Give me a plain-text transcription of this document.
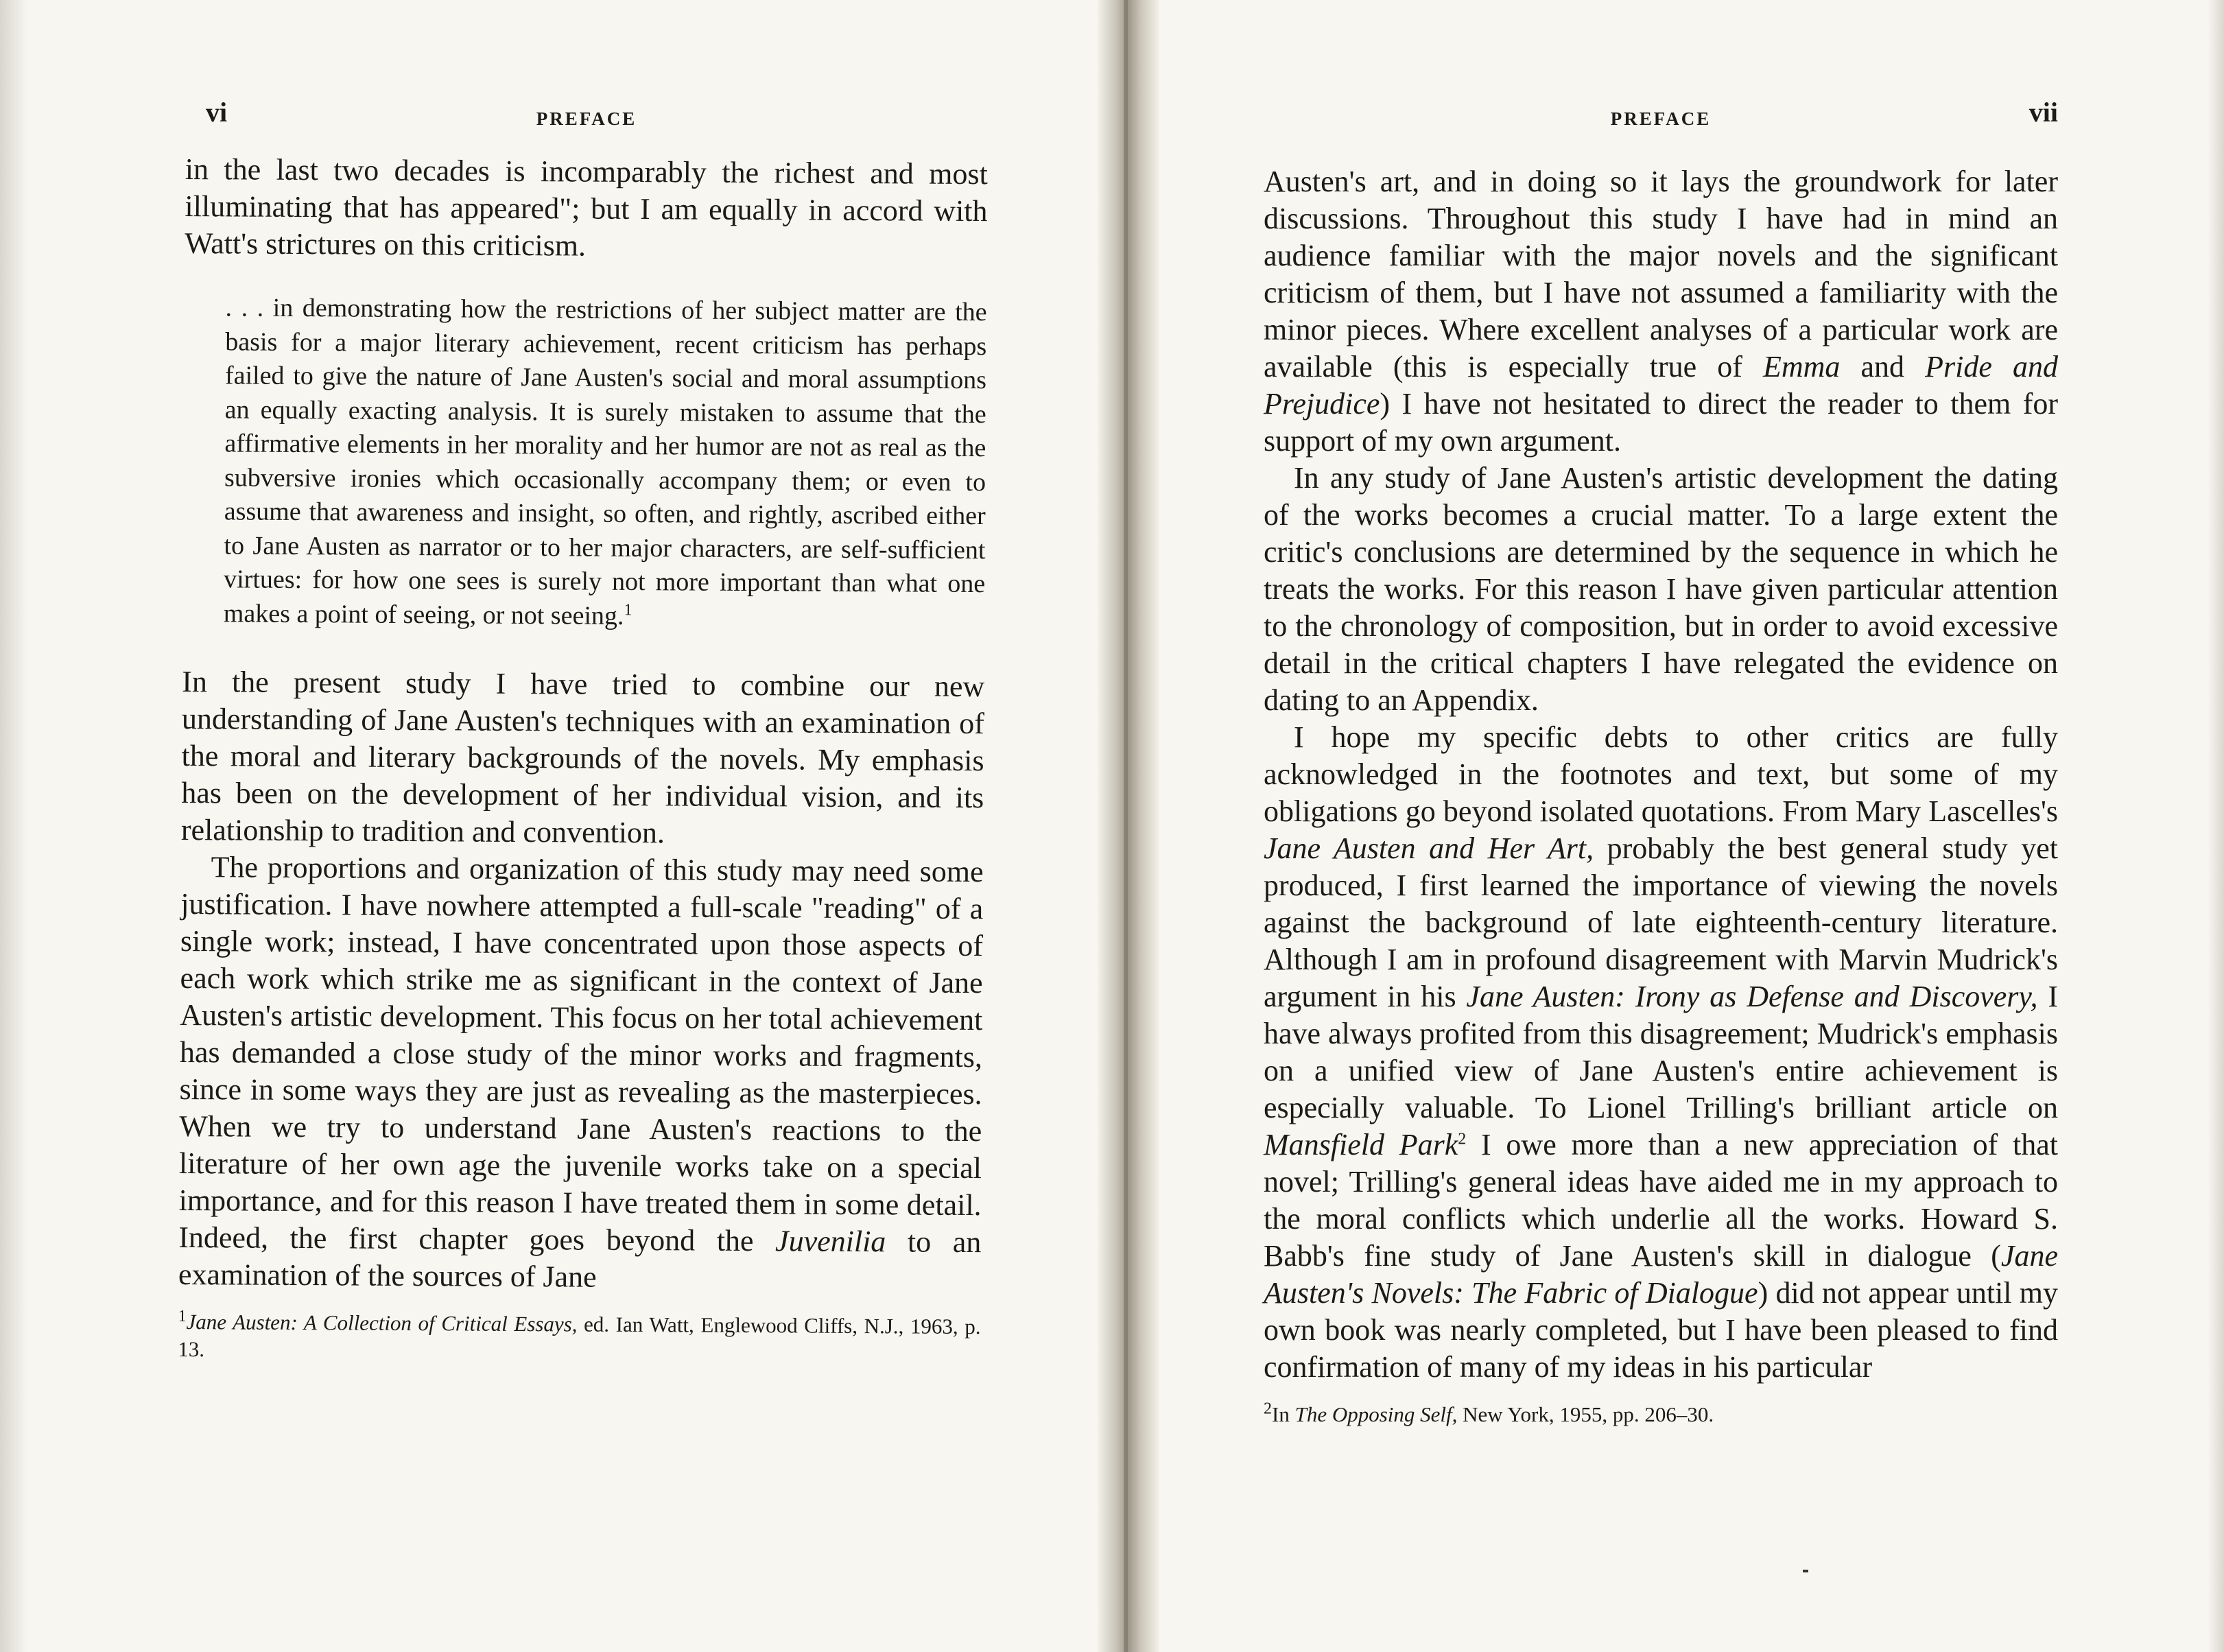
vi	PREFACE

in the last two decades is incomparably the richest and most illuminating that has appeared"; but I am equally in accord with Watt's strictures on this criticism.

. . . in demonstrating how the restrictions of her subject matter are the basis for a major literary achievement, recent criticism has perhaps failed to give the nature of Jane Austen's social and moral assumptions an equally exacting analysis. It is surely mistaken to assume that the affirmative elements in her morality and her humor are not as real as the subversive ironies which occasionally accompany them; or even to assume that awareness and insight, so often, and rightly, ascribed either to Jane Austen as narrator or to her major characters, are self-sufficient virtues: for how one sees is surely not more important than what one makes a point of seeing, or not seeing.$^1$

In the present study I have tried to combine our new understanding of Jane Austen's techniques with an examination of the moral and literary backgrounds of the novels. My emphasis has been on the development of her individual vision, and its relationship to tradition and convention.

The proportions and organization of this study may need some justification. I have nowhere attempted a full-scale "reading" of a single work; instead, I have concentrated upon those aspects of each work which strike me as significant in the context of Jane Austen's artistic development. This focus on her total achievement has demanded a close study of the minor works and fragments, since in some ways they are just as revealing as the masterpieces. When we try to understand Jane Austen's reactions to the literature of her own age the juvenile works take on a special importance, and for this reason I have treated them in some detail. Indeed, the first chapter goes beyond the Juvenilia to an examination of the sources of Jane

$^1$Jane Austen: A Collection of Critical Essays, ed. Ian Watt, Englewood Cliffs, N.J., 1963, p. 13.
PREFACE	vii

Austen's art, and in doing so it lays the groundwork for later discussions. Throughout this study I have had in mind an audience familiar with the major novels and the significant criticism of them, but I have not assumed a familiarity with the minor pieces. Where excellent analyses of a particular work are available (this is especially true of Emma and Pride and Prejudice) I have not hesitated to direct the reader to them for support of my own argument.

In any study of Jane Austen's artistic development the dating of the works becomes a crucial matter. To a large extent the critic's conclusions are determined by the sequence in which he treats the works. For this reason I have given particular attention to the chronology of composition, but in order to avoid excessive detail in the critical chapters I have relegated the evidence on dating to an Appendix.

I hope my specific debts to other critics are fully acknowledged in the footnotes and text, but some of my obligations go beyond isolated quotations. From Mary Lascelles's Jane Austen and Her Art, probably the best general study yet produced, I first learned the importance of viewing the novels against the background of late eighteenth-century literature. Although I am in profound disagreement with Marvin Mudrick's argument in his Jane Austen: Irony as Defense and Discovery, I have always profited from this disagreement; Mudrick's emphasis on a unified view of Jane Austen's entire achievement is especially valuable. To Lionel Trilling's brilliant article on Mansfield Park$^2$ I owe more than a new appreciation of that novel; Trilling's general ideas have aided me in my approach to the moral conflicts which underlie all the works. Howard S. Babb's fine study of Jane Austen's skill in dialogue (Jane Austen's Novels: The Fabric of Dialogue) did not appear until my own book was nearly completed, but I have been pleased to find confirmation of many of my ideas in his particular

$^2$In The Opposing Self, New York, 1955, pp. 206–30.
